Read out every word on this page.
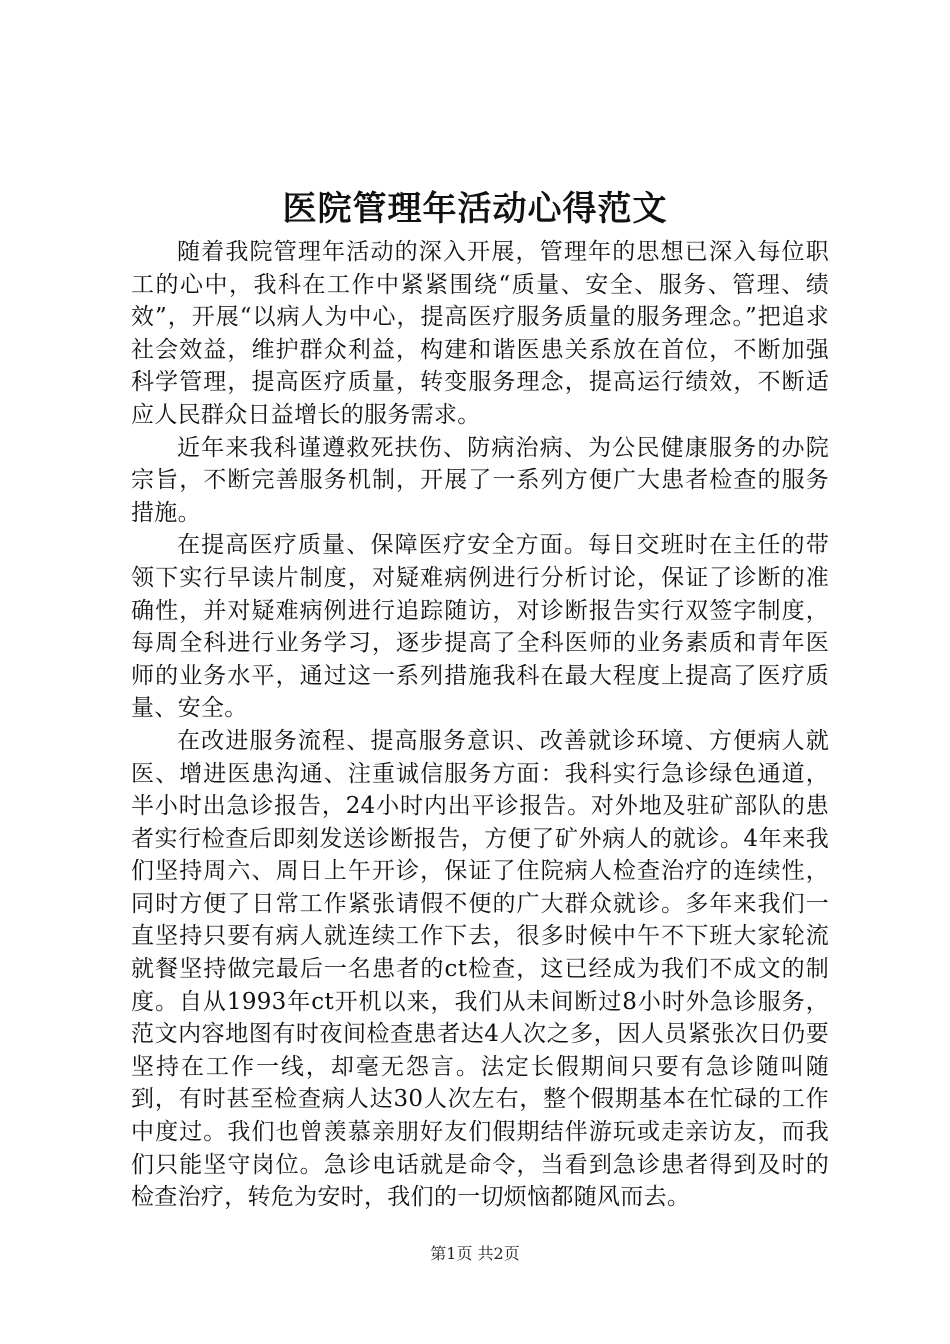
医院管理年活动心得范文

随着我院管理年活动的深入开展，管理年的思想已深入每位职工的心中，我科在工作中紧紧围绕“质量、安全、服务、管理、绩效”，开展“以病人为中心，提高医疗服务质量的服务理念。”把追求社会效益，维护群众利益，构建和谐医患关系放在首位，不断加强科学管理，提高医疗质量，转变服务理念，提高运行绩效，不断适应人民群众日益增长的服务需求。

近年来我科谨遵救死扶伤、防病治病、为公民健康服务的办院宗旨，不断完善服务机制，开展了一系列方便广大患者检查的服务措施。

在提高医疗质量、保障医疗安全方面。每日交班时在主任的带领下实行早读片制度，对疑难病例进行分析讨论，保证了诊断的准确性，并对疑难病例进行追踪随访，对诊断报告实行双签字制度，每周全科进行业务学习，逐步提高了全科医师的业务素质和青年医师的业务水平，通过这一系列措施我科在最大程度上提高了医疗质量、安全。

在改进服务流程、提高服务意识、改善就诊环境、方便病人就医、增进医患沟通、注重诚信服务方面：我科实行急诊绿色通道，半小时出急诊报告，24小时内出平诊报告。对外地及驻矿部队的患者实行检查后即刻发送诊断报告，方便了矿外病人的就诊。4年来我们坚持周六、周日上午开诊，保证了住院病人检查治疗的连续性，同时方便了日常工作紧张请假不便的广大群众就诊。多年来我们一直坚持只要有病人就连续工作下去，很多时候中午不下班大家轮流就餐坚持做完最后一名患者的ct检查，这已经成为我们不成文的制度。自从1993年ct开机以来，我们从未间断过8小时外急诊服务，范文内容地图有时夜间检查患者达4人次之多，因人员紧张次日仍要坚持在工作一线，却毫无怨言。法定长假期间只要有急诊随叫随到，有时甚至检查病人达30人次左右，整个假期基本在忙碌的工作中度过。我们也曾羡慕亲朋好友们假期结伴游玩或走亲访友，而我们只能坚守岗位。急诊电话就是命令，当看到急诊患者得到及时的检查治疗，转危为安时，我们的一切烦恼都随风而去。

第1页 共2页
